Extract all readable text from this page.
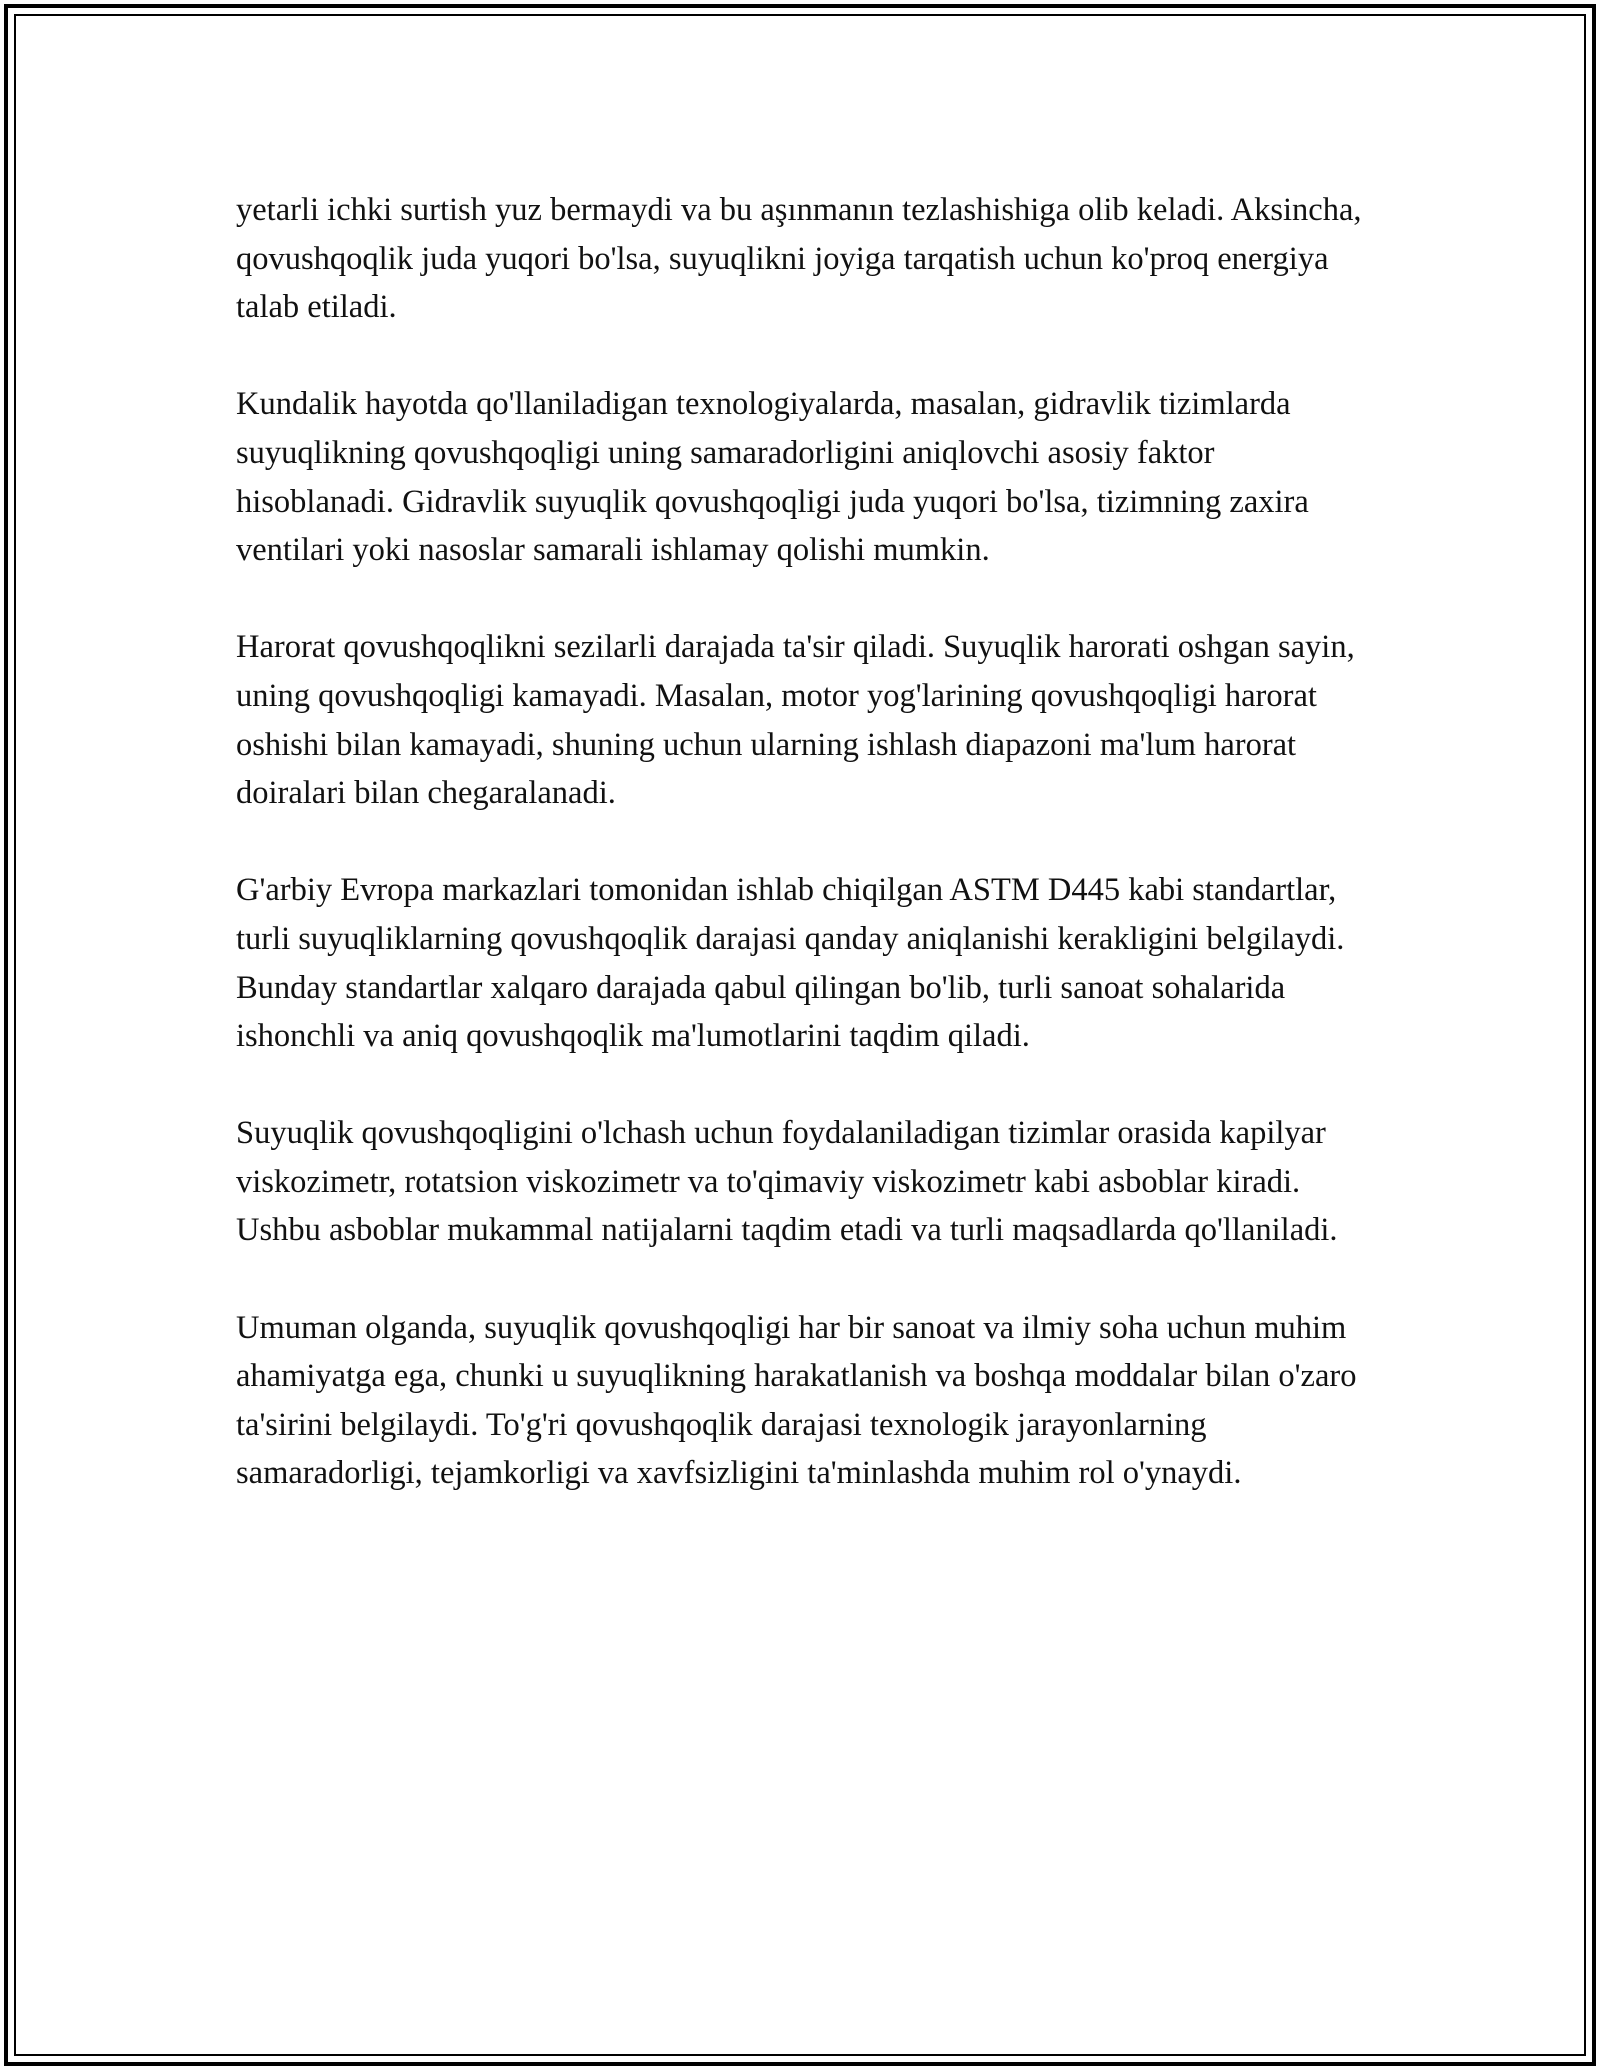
yetarli ichki surtish yuz bermaydi va bu aşınmanın tezlashishiga olib keladi. Aksincha, qovushqoqlik juda yuqori bo'lsa, suyuqlikni joyiga tarqatish uchun ko'proq energiya talab etiladi.

Kundalik hayotda qo'llaniladigan texnologiyalarda, masalan, gidravlik tizimlarda suyuqlikning qovushqoqligi uning samaradorligini aniqlovchi asosiy faktor hisoblanadi. Gidravlik suyuqlik qovushqoqligi juda yuqori bo'lsa, tizimning zaxira ventilari yoki nasoslar samarali ishlamay qolishi mumkin.

Harorat qovushqoqlikni sezilarli darajada ta'sir qiladi. Suyuqlik harorati oshgan sayin, uning qovushqoqligi kamayadi. Masalan, motor yog'larining qovushqoqligi harorat oshishi bilan kamayadi, shuning uchun ularning ishlash diapazoni ma'lum harorat doiralari bilan chegaralanadi.

G'arbiy Evropa markazlari tomonidan ishlab chiqilgan ASTM D445 kabi standartlar, turli suyuqliklarning qovushqoqlik darajasi qanday aniqlanishi kerakligini belgilaydi. Bunday standartlar xalqaro darajada qabul qilingan bo'lib, turli sanoat sohalarida ishonchli va aniq qovushqoqlik ma'lumotlarini taqdim qiladi.

Suyuqlik qovushqoqligini o'lchash uchun foydalaniladigan tizimlar orasida kapilyar viskozimetr, rotatsion viskozimetr va to'qimaviy viskozimetr kabi asboblar kiradi. Ushbu asboblar mukammal natijalarni taqdim etadi va turli maqsadlarda qo'llaniladi.

Umuman olganda, suyuqlik qovushqoqligi har bir sanoat va ilmiy soha uchun muhim ahamiyatga ega, chunki u suyuqlikning harakatlanish va boshqa moddalar bilan o'zaro ta'sirini belgilaydi. To'g'ri qovushqoqlik darajasi texnologik jarayonlarning samaradorligi, tejamkorligi va xavfsizligini ta'minlashda muhim rol o'ynaydi.
